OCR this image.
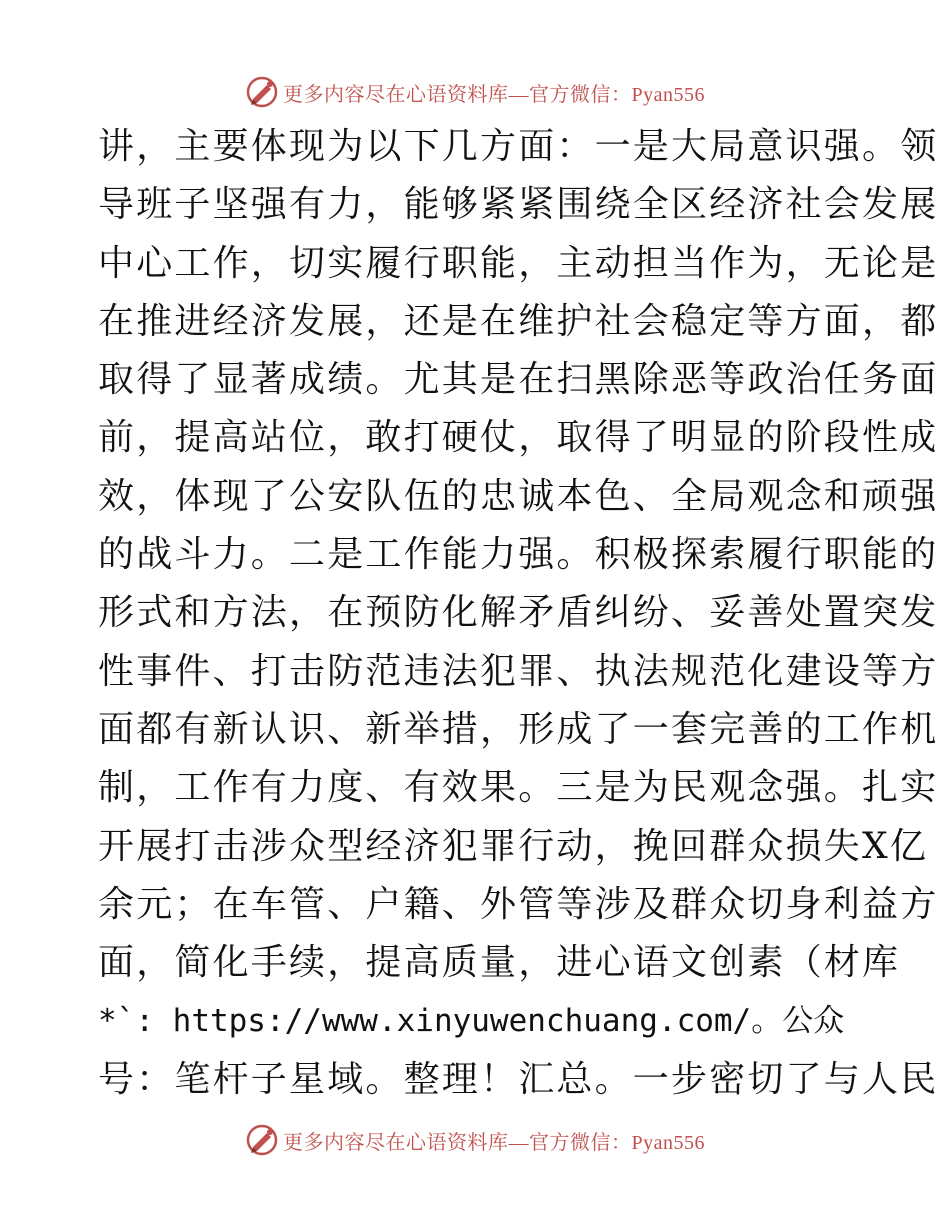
更多内容尽在心语资料库—官方微信：Pyan556
讲，主要体现为以下几方面：一是大局意识强。领
导班子坚强有力，能够紧紧围绕全区经济社会发展
中心工作，切实履行职能，主动担当作为，无论是
在推进经济发展，还是在维护社会稳定等方面，都
取得了显著成绩。尤其是在扫黑除恶等政治任务面
前，提高站位，敢打硬仗，取得了明显的阶段性成
效，体现了公安队伍的忠诚本色、全局观念和顽强
的战斗力。二是工作能力强。积极探索履行职能的
形式和方法，在预防化解矛盾纠纷、妥善处置突发
性事件、打击防范违法犯罪、执法规范化建设等方
面都有新认识、新举措，形成了一套完善的工作机
制，工作有力度、有效果。三是为民观念强。扎实
开展打击涉众型经济犯罪行动，挽回群众损失X亿
余元；在车管、户籍、外管等涉及群众切身利益方
面，简化手续，提高质量，进心语文创素（材库
*`: https://www.xinyuwenchuang.com/。公众
号：笔杆子星域。整理！汇总。一步密切了与人民
更多内容尽在心语资料库—官方微信：Pyan556
